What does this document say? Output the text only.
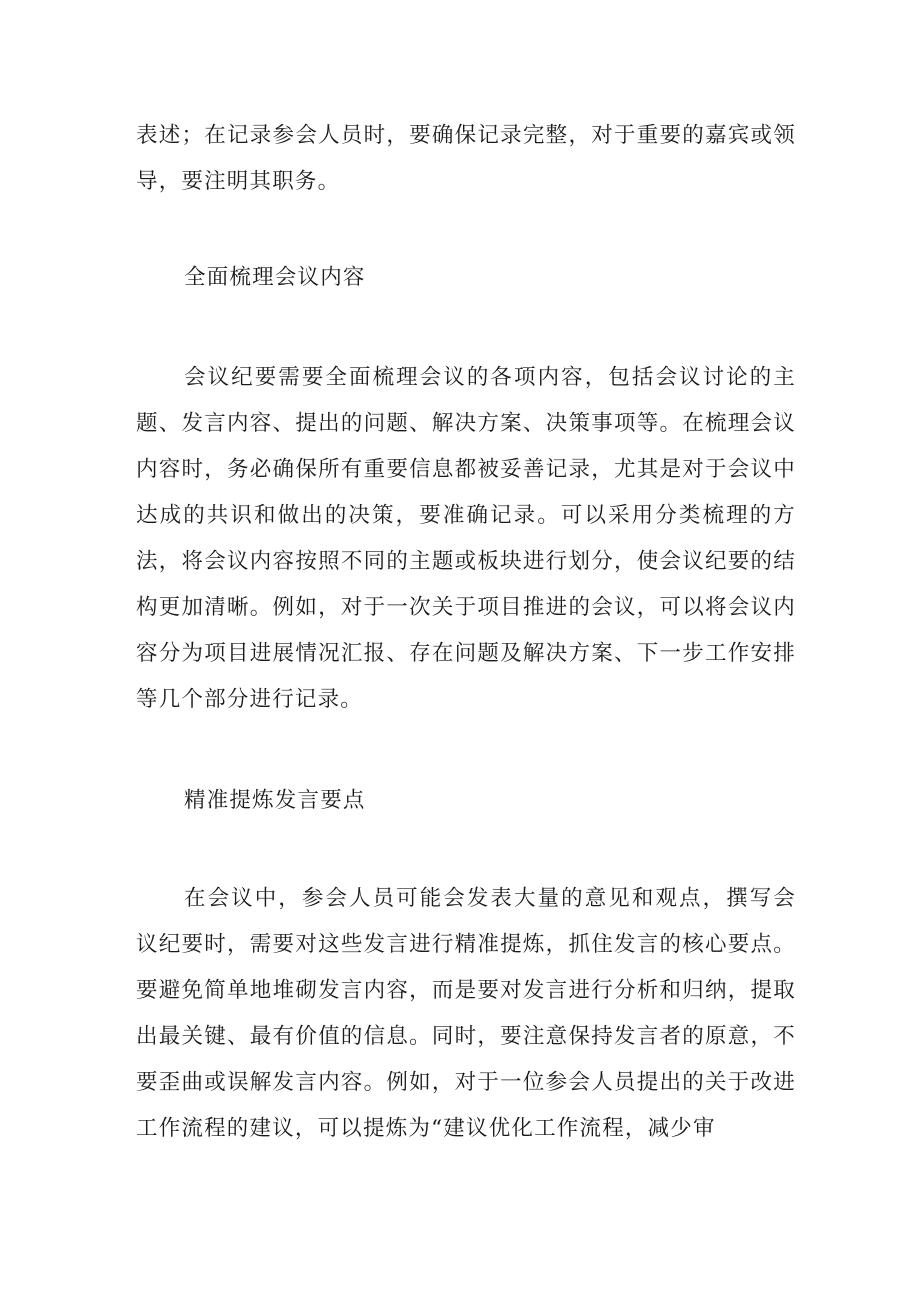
表述；在记录参会人员时，要确保记录完整，对于重要的嘉宾或领导，要注明其职务。

全面梳理会议内容

会议纪要需要全面梳理会议的各项内容，包括会议讨论的主题、发言内容、提出的问题、解决方案、决策事项等。在梳理会议内容时，务必确保所有重要信息都被妥善记录，尤其是对于会议中达成的共识和做出的决策，要准确记录。可以采用分类梳理的方法，将会议内容按照不同的主题或板块进行划分，使会议纪要的结构更加清晰。例如，对于一次关于项目推进的会议，可以将会议内容分为项目进展情况汇报、存在问题及解决方案、下一步工作安排等几个部分进行记录。

精准提炼发言要点

在会议中，参会人员可能会发表大量的意见和观点，撰写会议纪要时，需要对这些发言进行精准提炼，抓住发言的核心要点。要避免简单地堆砌发言内容，而是要对发言进行分析和归纳，提取出最关键、最有价值的信息。同时，要注意保持发言者的原意，不要歪曲或误解发言内容。例如，对于一位参会人员提出的关于改进工作流程的建议，可以提炼为“建议优化工作流程，减少审
